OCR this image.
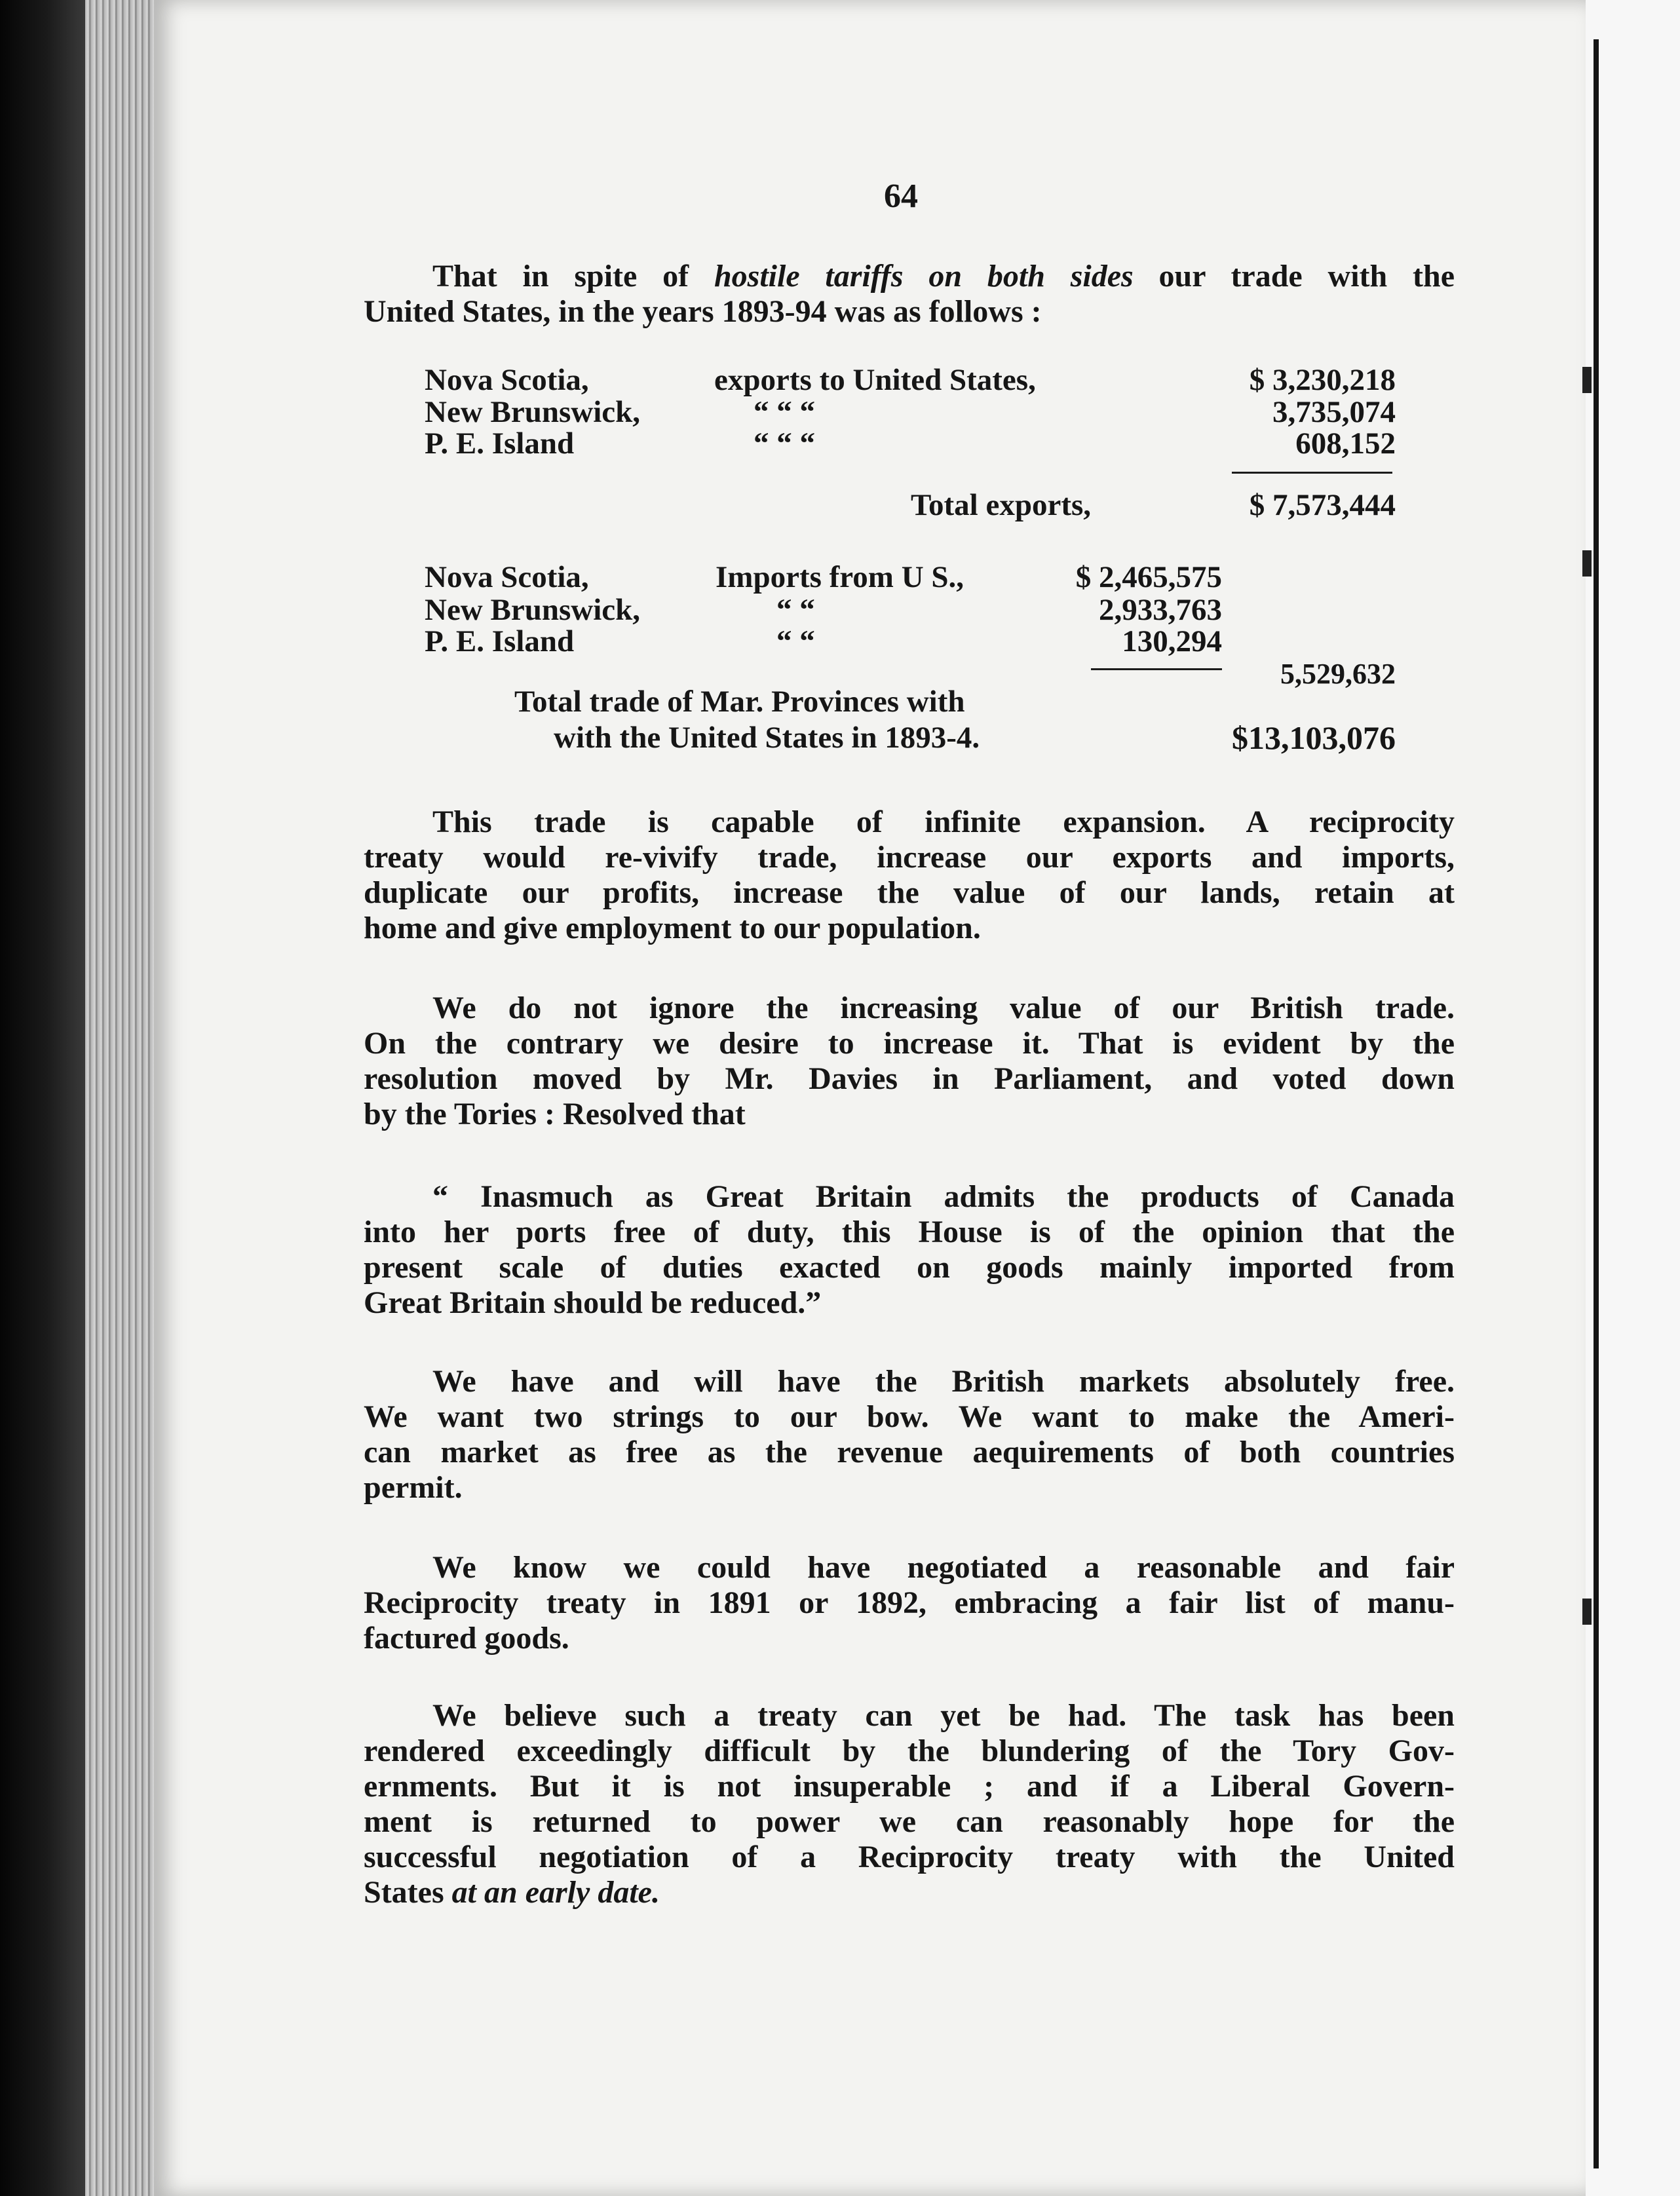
64
That in spite of hostile tariffs on both sides our trade with the
United States, in the years 1893-94 was as follows :
Nova Scotia,	exports to United States,	$ 3,230,218
New Brunswick,	“ “ “	3,735,074
P. E. Island	“ “ “	608,152
Total exports,	$ 7,573,444
Nova Scotia,	Imports from U S.,	$ 2,465,575
New Brunswick,	“ “	2,933,763
P. E. Island	“ “	130,294
5,529,632
Total trade of Mar. Provinces with
with the United States in 1893-4.	$13,103,076
This trade is capable of infinite expansion. A reciprocity
treaty would re-vivify trade, increase our exports and imports,
duplicate our profits, increase the value of our lands, retain at
home and give employment to our population.
We do not ignore the increasing value of our British trade.
On the contrary we desire to increase it. That is evident by the
resolution moved by Mr. Davies in Parliament, and voted down
by the Tories : Resolved that
“ Inasmuch as Great Britain admits the products of Canada
into her ports free of duty, this House is of the opinion that the
present scale of duties exacted on goods mainly imported from
Great Britain should be reduced.”
We have and will have the British markets absolutely free.
We want two strings to our bow. We want to make the Ameri-
can market as free as the revenue aequirements of both countries
permit.
We know we could have negotiated a reasonable and fair
Reciprocity treaty in 1891 or 1892, embracing a fair list of manu-
factured goods.
We believe such a treaty can yet be had. The task has been
rendered exceedingly difficult by the blundering of the Tory Gov-
ernments. But it is not insuperable ; and if a Liberal Govern-
ment is returned to power we can reasonably hope for the
successful negotiation of a Reciprocity treaty with the United
States at an early date.
